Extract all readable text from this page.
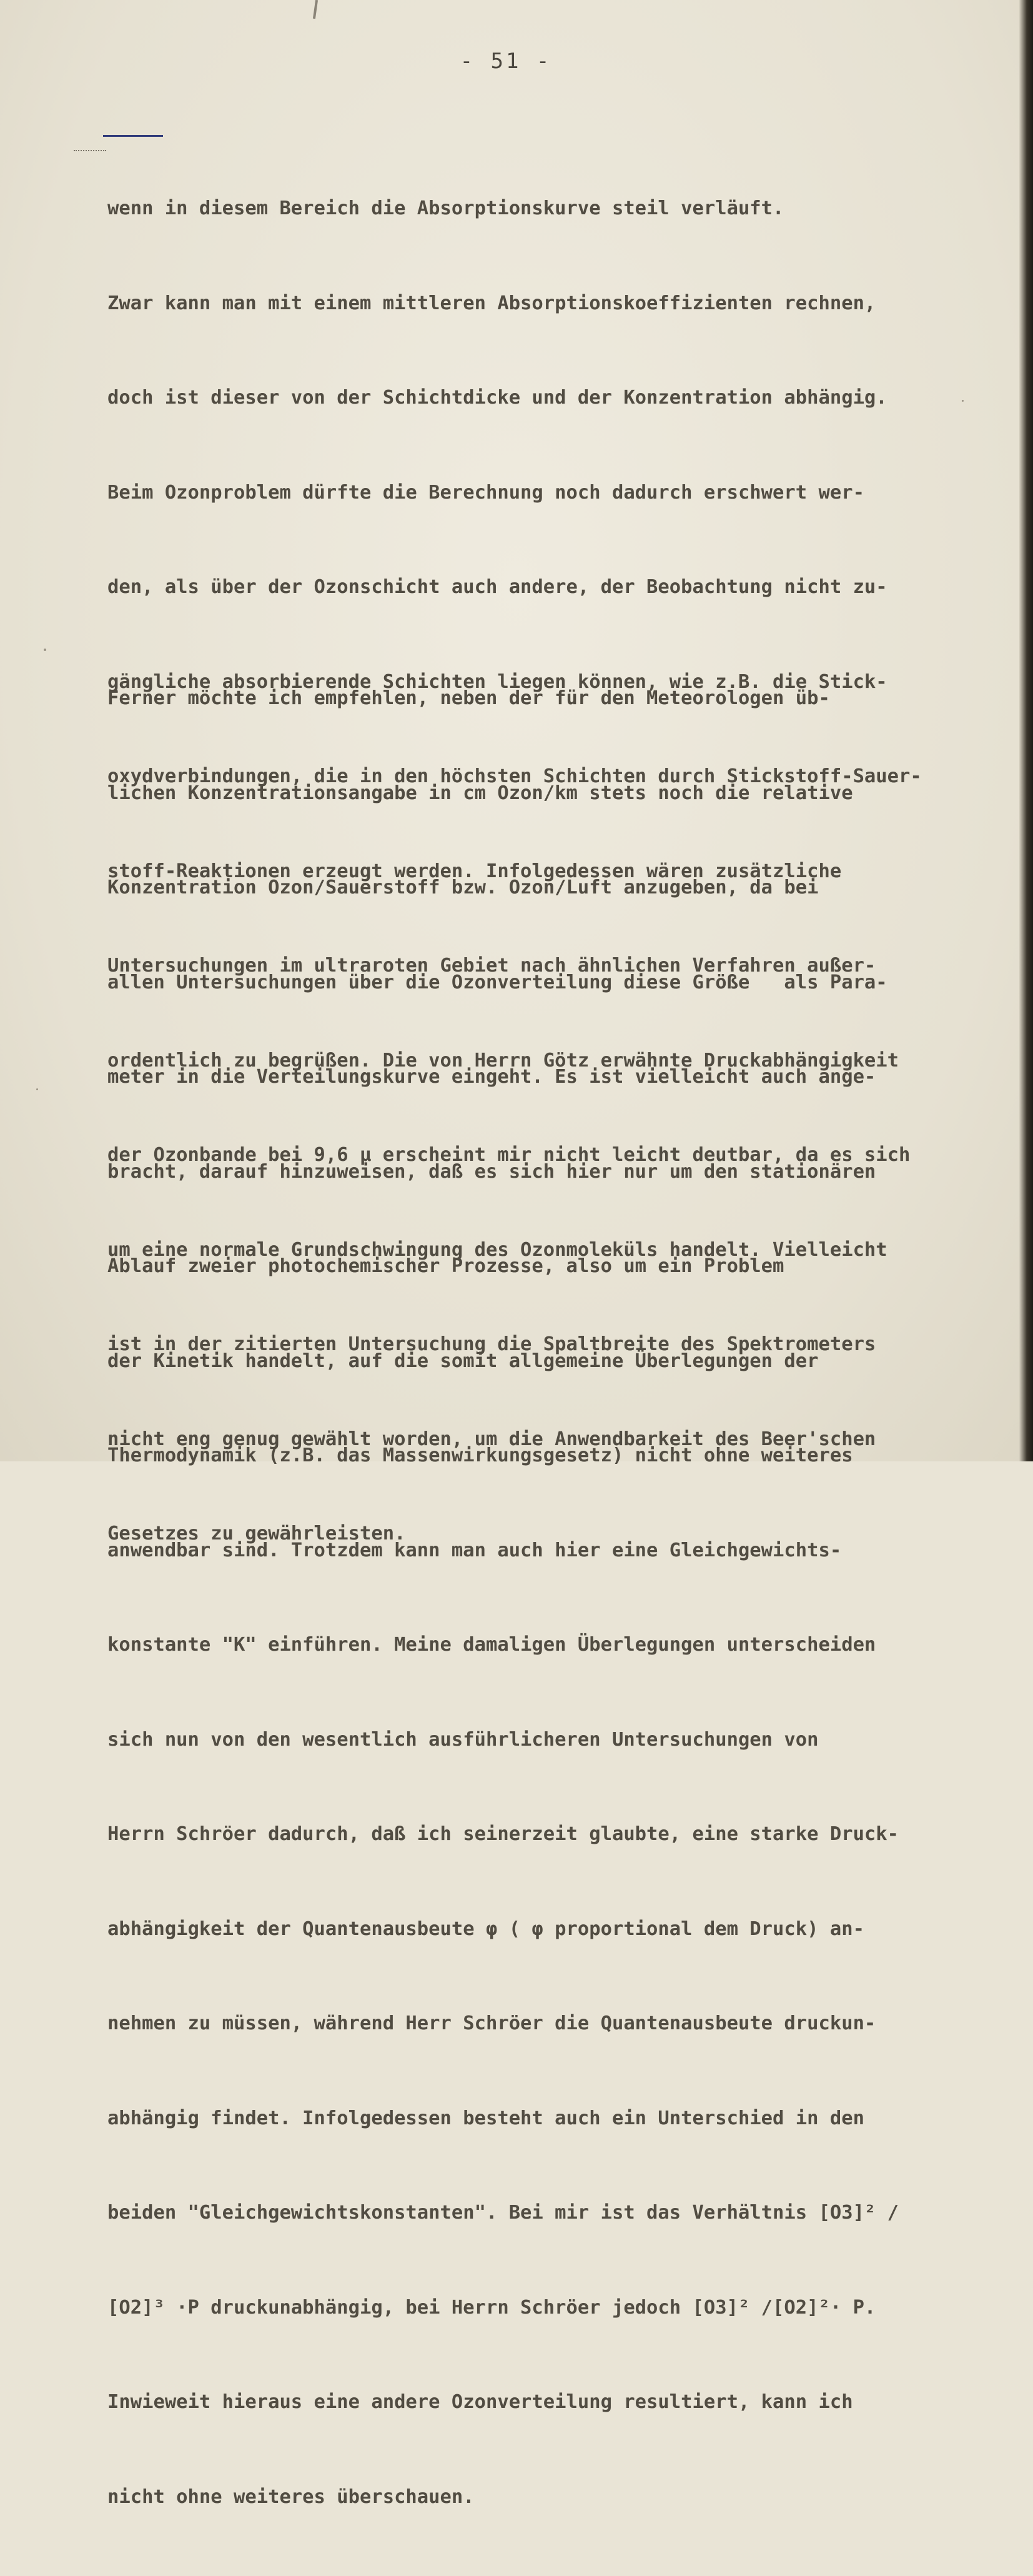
- 51 -

wenn in diesem Bereich die Absorptionskurve steil verläuft.

Zwar kann man mit einem mittleren Absorptionskoeffizienten rechnen,

doch ist dieser von der Schichtdicke und der Konzentration abhängig.

Beim Ozonproblem dürfte die Berechnung noch dadurch erschwert wer-

den, als über der Ozonschicht auch andere, der Beobachtung nicht zu-

gängliche absorbierende Schichten liegen können, wie z.B. die Stick-

oxydverbindungen, die in den höchsten Schichten durch Stickstoff-Sauer-

stoff-Reaktionen erzeugt werden. Infolgedessen wären zusätzliche

Untersuchungen im ultraroten Gebiet nach ähnlichen Verfahren außer-

ordentlich zu begrüßen. Die von Herrn Götz erwähnte Druckabhängigkeit

der Ozonbande bei 9,6 μ erscheint mir nicht leicht deutbar, da es sich

um eine normale Grundschwingung des Ozonmoleküls handelt. Vielleicht

ist in der zitierten Untersuchung die Spaltbreite des Spektrometers

nicht eng genug gewählt worden, um die Anwendbarkeit des Beer'schen

Gesetzes zu gewährleisten.

Ferner möchte ich empfehlen, neben der für den Meteorologen üb-

lichen Konzentrationsangabe in cm Ozon/km stets noch die relative

Konzentration Ozon/Sauerstoff bzw. Ozon/Luft anzugeben, da bei

allen Untersuchungen über die Ozonverteilung diese Größe   als Para-

meter in die Verteilungskurve eingeht. Es ist vielleicht auch ange-

bracht, darauf hinzuweisen, daß es sich hier nur um den stationären

Ablauf zweier photochemischer Prozesse, also um ein Problem

der Kinetik handelt, auf die somit allgemeine Überlegungen der

Thermodynamik (z.B. das Massenwirkungsgesetz) nicht ohne weiteres

anwendbar sind. Trotzdem kann man auch hier eine Gleichgewichts-

konstante "K" einführen. Meine damaligen Überlegungen unterscheiden

sich nun von den wesentlich ausführlicheren Untersuchungen von

Herrn Schröer dadurch, daß ich seinerzeit glaubte, eine starke Druck-

abhängigkeit der Quantenausbeute φ ( φ proportional dem Druck) an-

nehmen zu müssen, während Herr Schröer die Quantenausbeute druckun-

abhängig findet. Infolgedessen besteht auch ein Unterschied in den

beiden "Gleichgewichtskonstanten". Bei mir ist das Verhältnis [O3]² /

[O2]³ ·P druckunabhängig, bei Herrn Schröer jedoch [O3]² /[O2]²· P.

Inwieweit hieraus eine andere Ozonverteilung resultiert, kann ich

nicht ohne weiteres überschauen.
